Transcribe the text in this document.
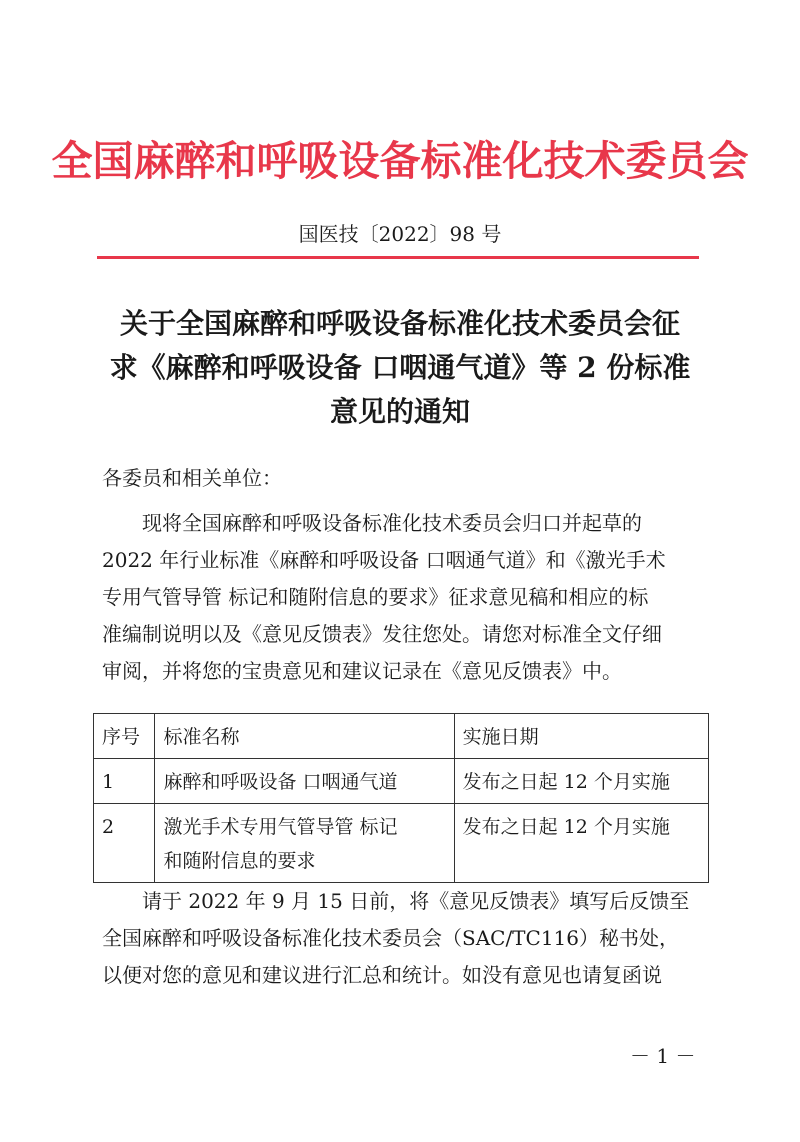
全国麻醉和呼吸设备标准化技术委员会
国医技〔2022〕98 号
关于全国麻醉和呼吸设备标准化技术委员会征
求《麻醉和呼吸设备 口咽通气道》等 2 份标准
意见的通知
各委员和相关单位：
现将全国麻醉和呼吸设备标准化技术委员会归口并起草的
2022 年行业标准《麻醉和呼吸设备 口咽通气道》和《激光手术
专用气管导管 标记和随附信息的要求》征求意见稿和相应的标
准编制说明以及《意见反馈表》发往您处。请您对标准全文仔细
审阅，并将您的宝贵意见和建议记录在《意见反馈表》中。
序号	标准名称	实施日期
1	麻醉和呼吸设备 口咽通气道	发布之日起 12 个月实施
2	激光手术专用气管导管 标记
和随附信息的要求	发布之日起 12 个月实施
请于 2022 年 9 月 15 日前，将《意见反馈表》填写后反馈至
全国麻醉和呼吸设备标准化技术委员会（SAC/TC116）秘书处，
以便对您的意见和建议进行汇总和统计。如没有意见也请复函说
－ 1 －
